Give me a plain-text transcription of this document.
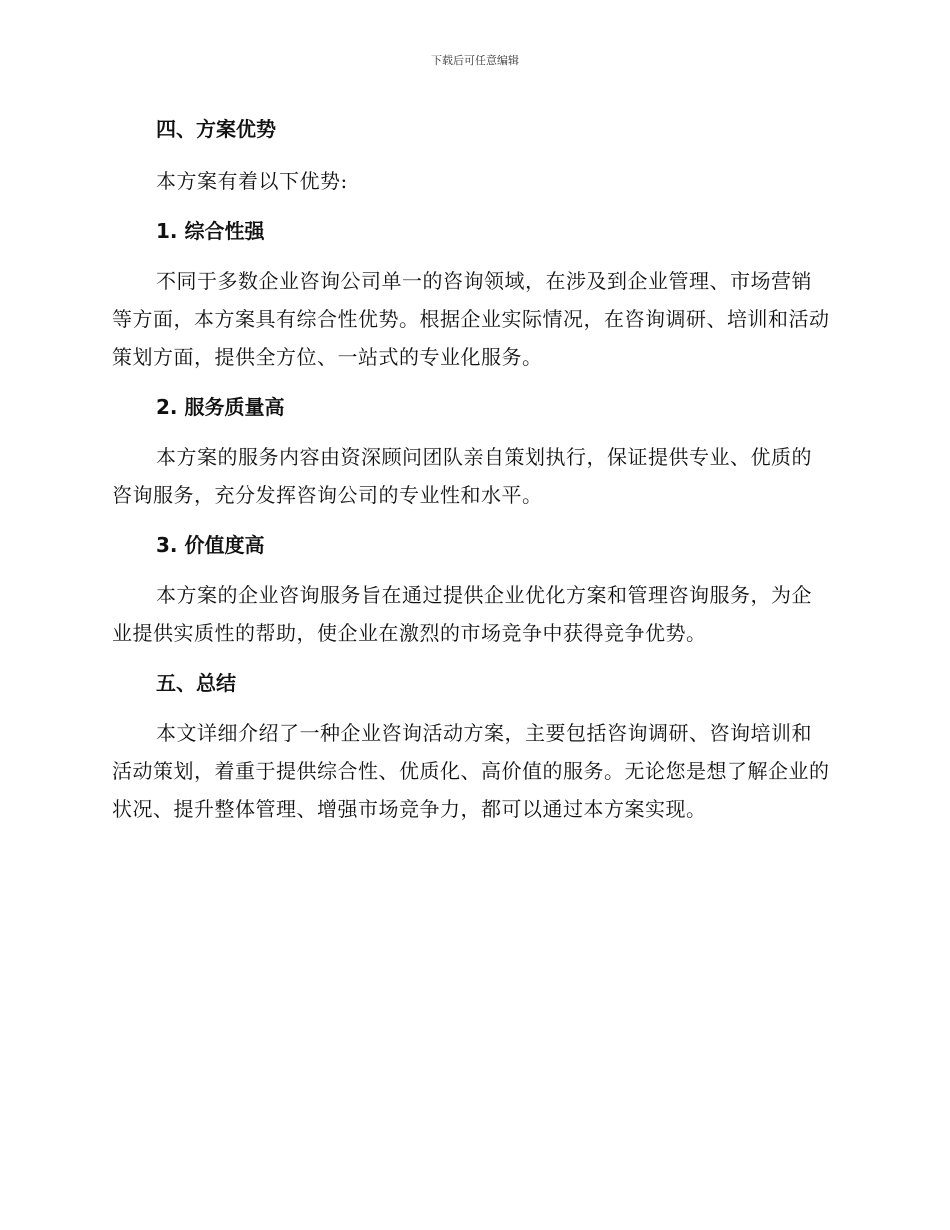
下载后可任意编辑
四、方案优势

本方案有着以下优势:

1. 综合性强

不同于多数企业咨询公司单一的咨询领域，在涉及到企业管理、市场营销等方面，本方案具有综合性优势。根据企业实际情况，在咨询调研、培训和活动策划方面，提供全方位、一站式的专业化服务。

2. 服务质量高

本方案的服务内容由资深顾问团队亲自策划执行，保证提供专业、优质的咨询服务，充分发挥咨询公司的专业性和水平。

3. 价值度高

本方案的企业咨询服务旨在通过提供企业优化方案和管理咨询服务，为企业提供实质性的帮助，使企业在激烈的市场竞争中获得竞争优势。

五、总结

本文详细介绍了一种企业咨询活动方案，主要包括咨询调研、咨询培训和活动策划，着重于提供综合性、优质化、高价值的服务。无论您是想了解企业的状况、提升整体管理、增强市场竞争力，都可以通过本方案实现。
